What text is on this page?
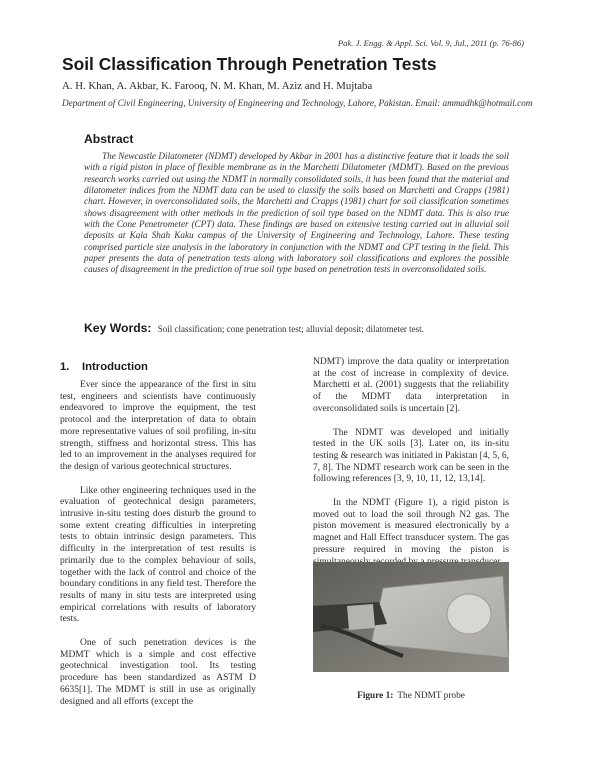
Pak. J. Engg. & Appl. Sci. Vol. 9, Jul., 2011 (p. 76-86)
Soil Classification Through Penetration Tests
A. H. Khan, A. Akbar, K. Farooq, N. M. Khan, M. Aziz and H. Mujtaba
Department of Civil Engineering, University of Engineering and Technology, Lahore, Pakistan. Email: ammadhk@hotmail.com
Abstract

The Newcastle Dilatometer (NDMT) developed by Akbar in 2001 has a distinctive feature that it loads the soil with a rigid piston in place of flexible membrane as in the Marchetti Dilatometer (MDMT). Based on the previous research works carried out using the NDMT in normally consolidated soils, it has been found that the material and dilatometer indices from the NDMT data can be used to classify the soils based on Marchetti and Crapps (1981) chart. However, in overconsolidated soils, the Marchetti and Crapps (1981) chart for soil classification sometimes shows disagreement with other methods in the prediction of soil type based on the NDMT data. This is also true with the Cone Penetrometer (CPT) data. These findings are based on extensive testing carried out in alluvial soil deposits at Kala Shah Kaku campus of the University of Engineering and Technology, Lahore. These testing comprised particle size analysis in the laboratory in conjunction with the NDMT and CPT testing in the field. This paper presents the data of penetration tests along with laboratory soil classifications and explores the possible causes of disagreement in the prediction of true soil type based on penetration tests in overconsolidated soils.

Key Words: Soil classification; cone penetration test; alluvial deposit; dilatometer test.
1. Introduction

Ever since the appearance of the first in situ test, engineers and scientists have continuously endeavored to improve the equipment, the test protocol and the interpretation of data to obtain more representative values of soil profiling, in-situ strength, stiffness and horizontal stress. This has led to an improvement in the analyses required for the design of various geotechnical structures.

Like other engineering techniques used in the evaluation of geotechnical design parameters, intrusive in-situ testing does disturb the ground to some extent creating difficulties in interpreting tests to obtain intrinsic design parameters. This difficulty in the interpretation of test results is primarily due to the complex behaviour of soils, together with the lack of control and choice of the boundary conditions in any field test. Therefore the results of many in situ tests are interpreted using empirical correlations with results of laboratory tests.

One of such penetration devices is the MDMT which is a simple and cost effective geotechnical investigation tool. Its testing procedure has been standardized as ASTM D 6635[1]. The MDMT is still in use as originally designed and all efforts (except the

NDMT) improve the data quality or interpretation at the cost of increase in complexity of device. Marchetti et al. (2001) suggests that the reliability of the MDMT data interpretation in overconsolidated soils is uncertain [2].

The NDMT was developed and initially tested in the UK soils [3]. Later on, its in-situ testing & research was initiated in Pakistan [4, 5, 6, 7, 8]. The NDMT research work can be seen in the following references [3, 9, 10, 11, 12, 13,14].

In the NDMT (Figure 1), a rigid piston is moved out to load the soil through N2 gas. The piston movement is measured electronically by a magnet and Hall Effect transducer system. The gas pressure required in moving the piston is

Figure 1: The NDMT probe
